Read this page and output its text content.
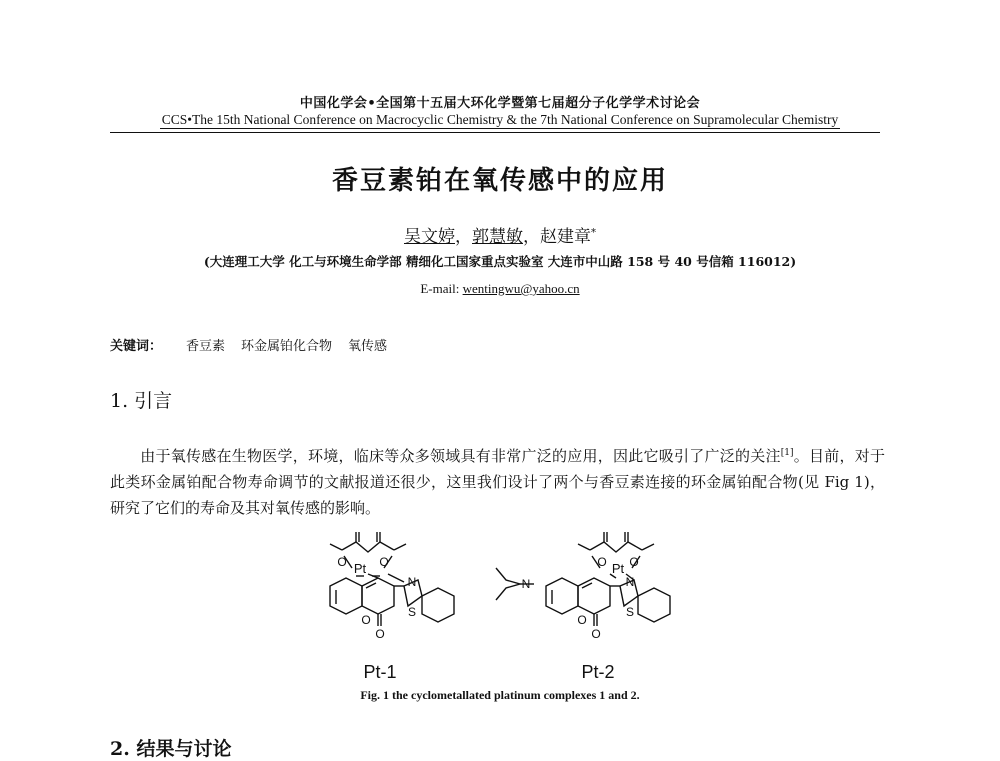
中国化学会•全国第十五届大环化学暨第七届超分子化学学术讨论会
CCS•The 15th National Conference on Macrocyclic Chemistry & the 7th National Conference on Supramolecular Chemistry
香豆素铂在氧传感中的应用
吴文婷，郭慧敏，赵建章*
(大连理工大学 化工与环境生命学部 精细化工国家重点实验室 大连市中山路 158 号 40 号信箱 116012)
E-mail: wentingwu@yahoo.cn
关键词： 香豆素 环金属铂化合物 氧传感
1. 引言
由于氧传感在生物医学，环境，临床等众多领域具有非常广泛的应用，因此它吸引了广泛的关注[1]。目前，对于此类环金属铂配合物寿命调节的文献报道还很少，这里我们设计了两个与香豆素连接的环金属铂配合物(见 Fig 1)，研究了它们的寿命及其对氧传感的影响。
Pt
O	O
N
S
O
O
Pt
O O
N
S
N
O
O
Pt-1	Pt-2
Fig. 1 the cyclometallated platinum complexes 1 and 2.
2. 结果与讨论
